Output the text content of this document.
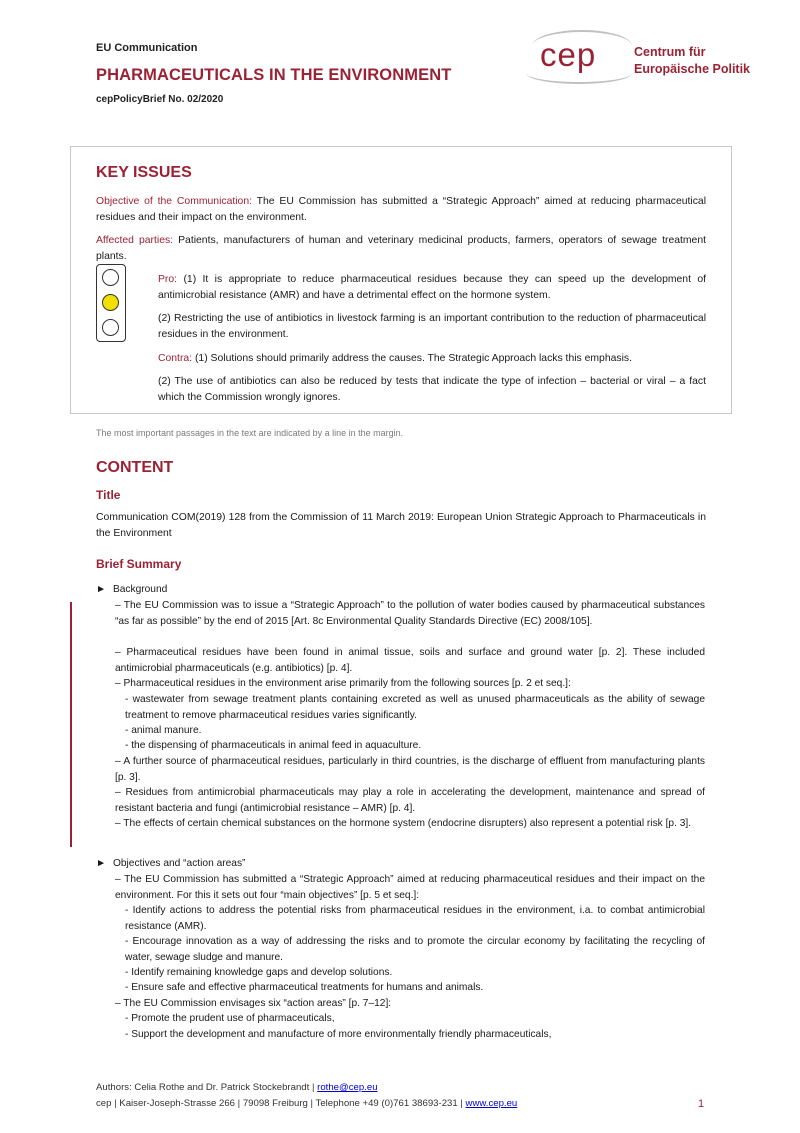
EU Communication
PHARMACEUTICALS IN THE ENVIRONMENT
cepPolicyBrief No. 02/2020
cep	Centrum für
Europäische Politik
KEY ISSUES
Objective of the Communication: The EU Commission has submitted a “Strategic Approach” aimed at reducing pharmaceutical residues and their impact on the environment.
Affected parties: Patients, manufacturers of human and veterinary medicinal products, farmers, operators of sewage treatment plants.
Pro: (1) It is appropriate to reduce pharmaceutical residues because they can speed up the development of antimicrobial resistance (AMR) and have a detrimental effect on the hormone system.
(2) Restricting the use of antibiotics in livestock farming is an important contribution to the reduction of pharmaceutical residues in the environment.
Contra: (1) Solutions should primarily address the causes. The Strategic Approach lacks this emphasis.
(2) The use of antibiotics can also be reduced by tests that indicate the type of infection – bacterial or viral – a fact which the Commission wrongly ignores.
The most important passages in the text are indicated by a line in the margin.
CONTENT
Title
Communication COM(2019) 128 from the Commission of 11 March 2019: European Union Strategic Approach to Pharmaceuticals in the Environment
Brief Summary
► Background
– The EU Commission was to issue a “Strategic Approach” to the pollution of water bodies caused by pharmaceutical substances “as far as possible” by the end of 2015 [Art. 8c Environmental Quality Standards Directive (EC) 2008/105].
– Pharmaceutical residues have been found in animal tissue, soils and surface and ground water [p. 2]. These included antimicrobial pharmaceuticals (e.g. antibiotics) [p. 4].
– Pharmaceutical residues in the environment arise primarily from the following sources [p. 2 et seq.]:
- wastewater from sewage treatment plants containing excreted as well as unused pharmaceuticals as the ability of sewage treatment to remove pharmaceutical residues varies significantly.
- animal manure.
- the dispensing of pharmaceuticals in animal feed in aquaculture.
– A further source of pharmaceutical residues, particularly in third countries, is the discharge of effluent from manufacturing plants [p. 3].
– Residues from antimicrobial pharmaceuticals may play a role in accelerating the development, maintenance and spread of resistant bacteria and fungi (antimicrobial resistance – AMR) [p. 4].
– The effects of certain chemical substances on the hormone system (endocrine disrupters) also represent a potential risk [p. 3].
► Objectives and “action areas”
– The EU Commission has submitted a “Strategic Approach” aimed at reducing pharmaceutical residues and their impact on the environment. For this it sets out four “main objectives” [p. 5 et seq.]:
- Identify actions to address the potential risks from pharmaceutical residues in the environment, i.a. to combat antimicrobial resistance (AMR).
- Encourage innovation as a way of addressing the risks and to promote the circular economy by facilitating the recycling of water, sewage sludge and manure.
- Identify remaining knowledge gaps and develop solutions.
- Ensure safe and effective pharmaceutical treatments for humans and animals.
– The EU Commission envisages six “action areas” [p. 7–12]:
- Promote the prudent use of pharmaceuticals,
- Support the development and manufacture of more environmentally friendly pharmaceuticals,
Authors: Celia Rothe and Dr. Patrick Stockebrandt | rothe@cep.eu
cep | Kaiser-Joseph-Strasse 266 | 79098 Freiburg | Telephone +49 (0)761 38693-231 | www.cep.eu	1
